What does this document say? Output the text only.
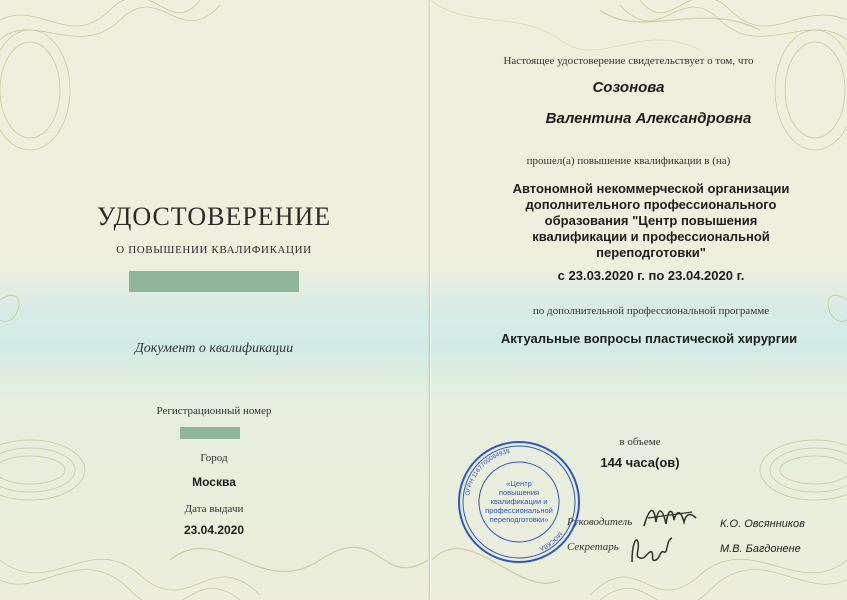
УДОСТОВЕРЕНИЕ
О ПОВЫШЕНИИ КВАЛИФИКАЦИИ
Документ о квалификации
Регистрационный номер
Город
Москва
Дата выдачи
23.04.2020
Настоящее удостоверение свидетельствует о том, что
Созонова
Валентина Александровна
прошел(а) повышение квалификации в (на)
Автономной некоммерческой организации
дополнительного профессионального
образования "Центр повышения
квалификации и профессиональной
переподготовки"
с 23.03.2020 г. по 23.04.2020 г.
по дополнительной профессиональной программе
Актуальные вопросы пластической хирургии
в объеме
144 часа(ов)
Руководитель	К.О. Овсянников
Секретарь	М.В. Багдонене
ОГРН 1167700064938
МОСКВА
«Центр
повышения
квалификации и
профессиональной
переподготовки»
